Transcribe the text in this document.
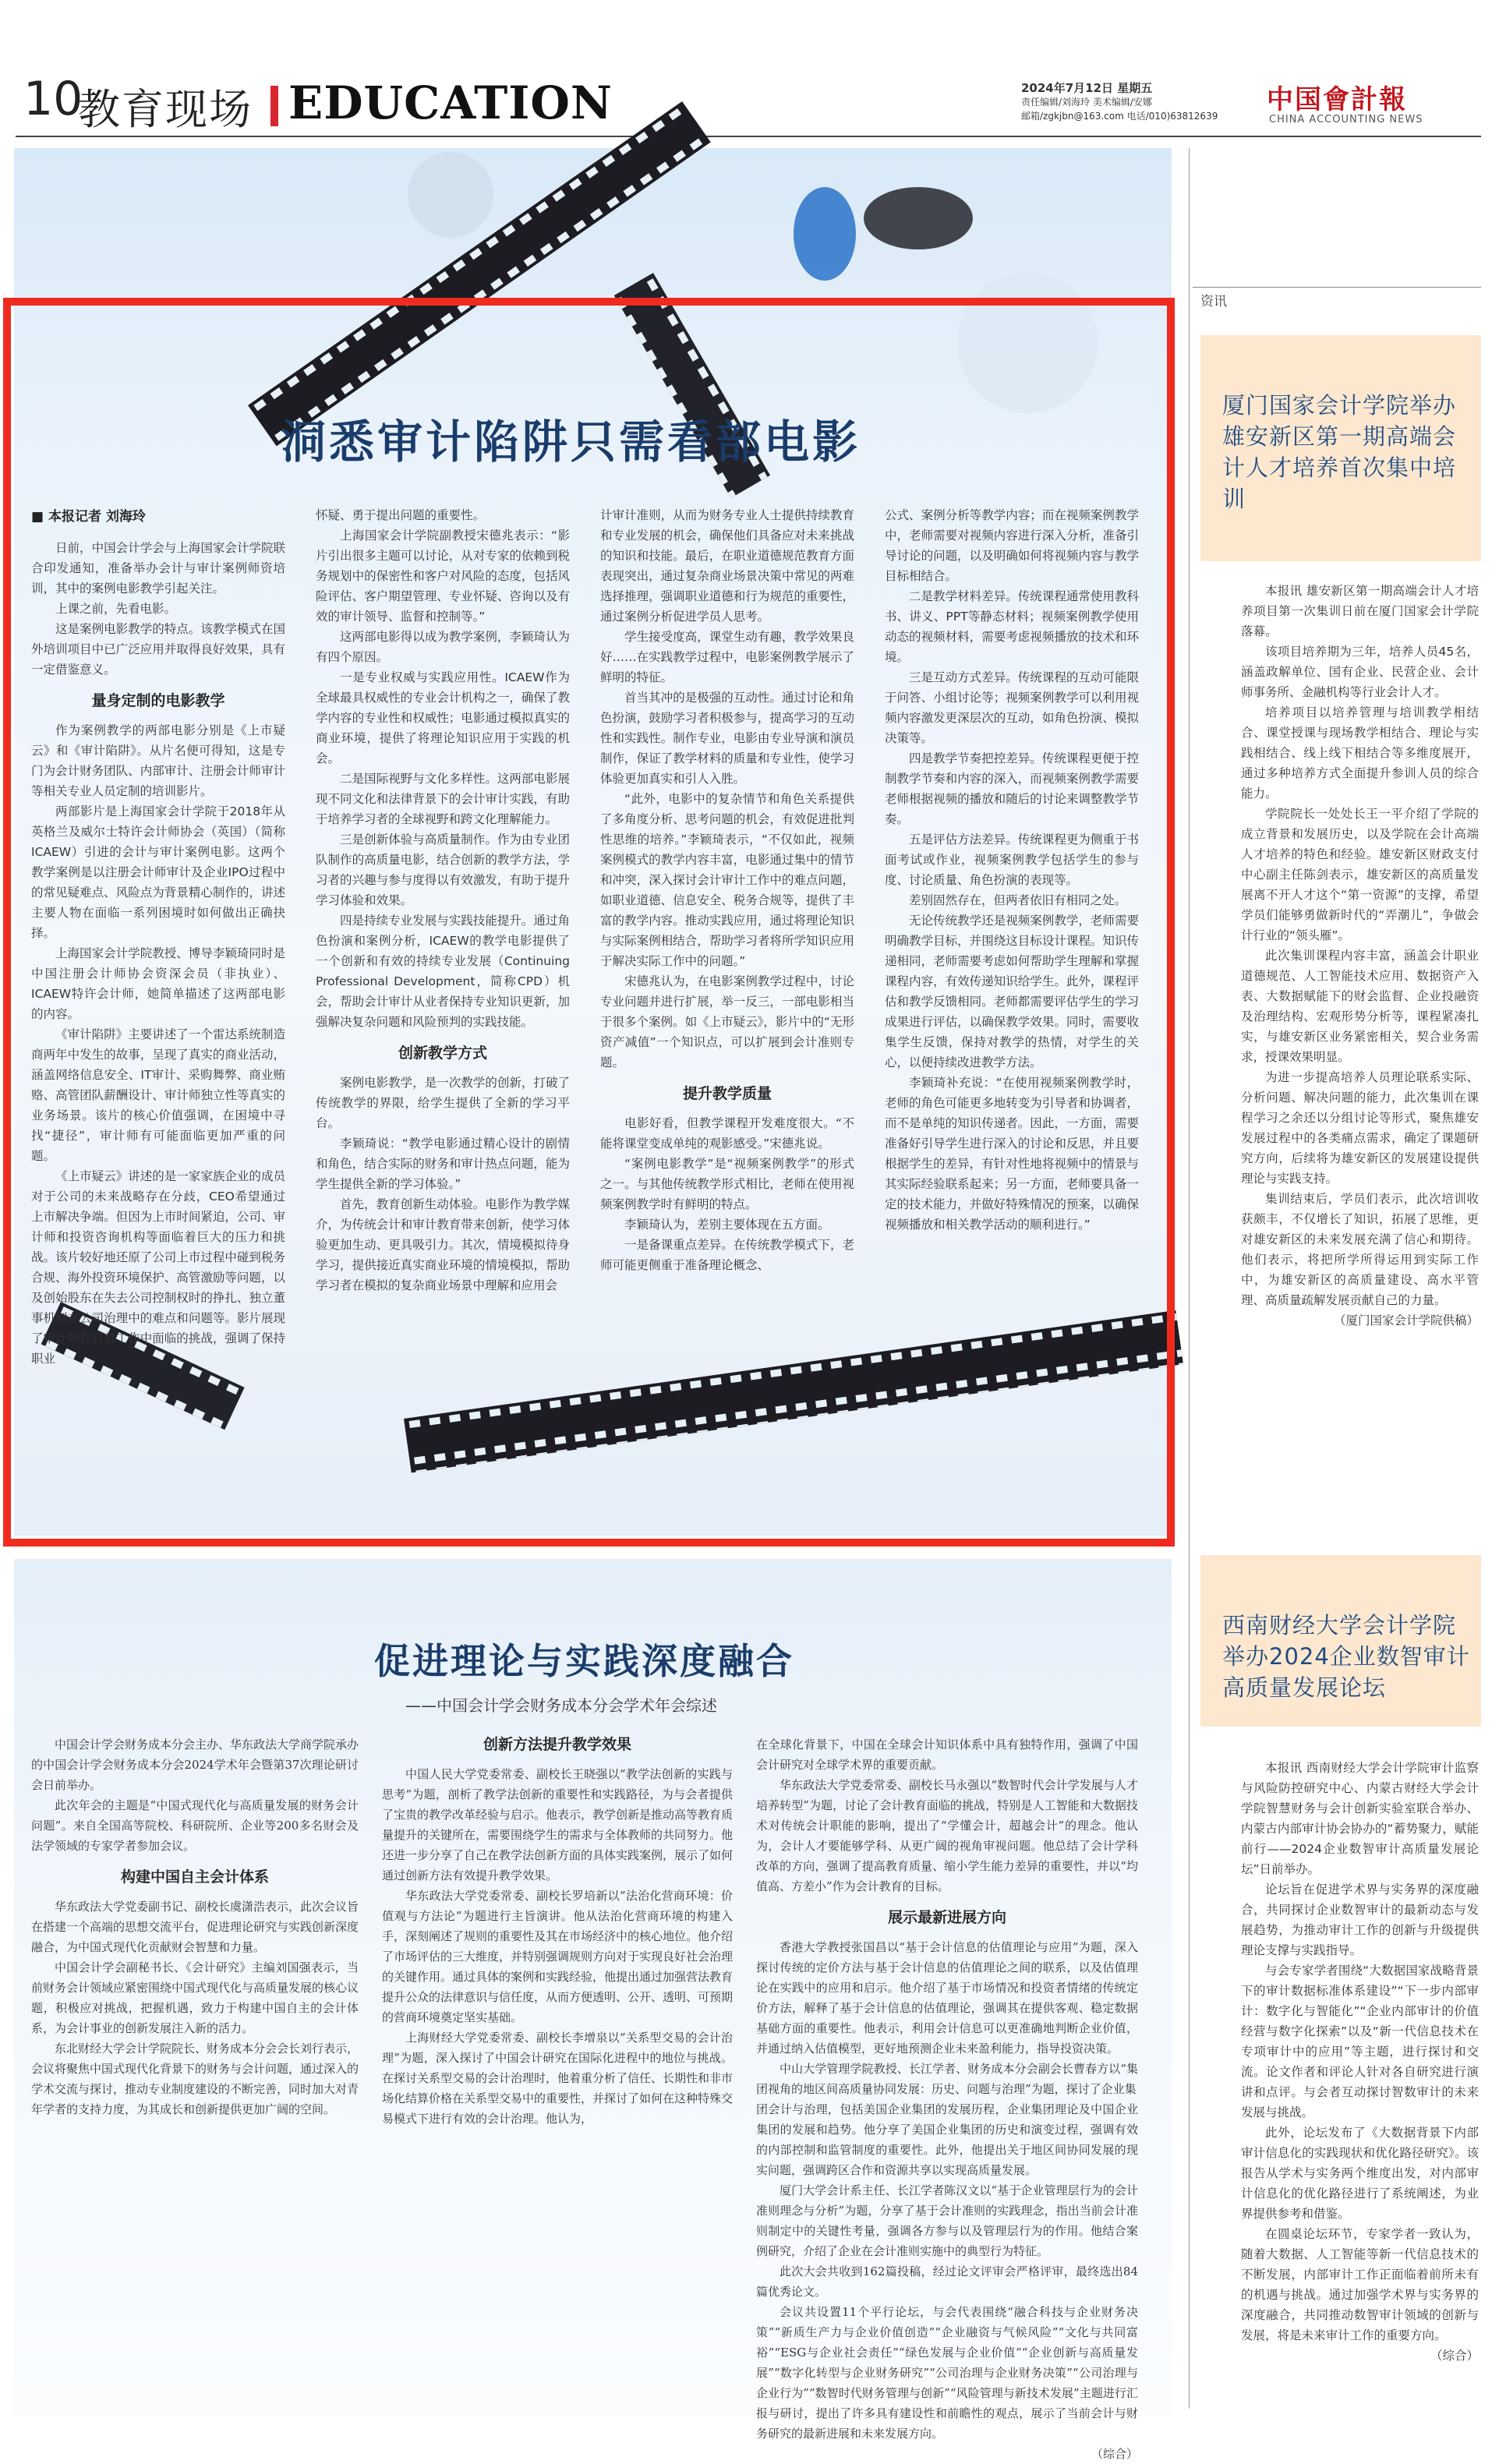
10
教育现场 EDUCATION	2024年7月12日 星期五
责任编辑/刘海玲 美术编辑/安娜
邮箱/zgkjbn@163.com 电话/010)63812639
中国會計報
CHINA ACCOUNTING NEWS
洞悉审计陷阱只需看部电影
■ 本报记者 刘海玲

日前，中国会计学会与上海国家会计学院联合印发通知，准备举办会计与审计案例师资培训，其中的案例电影教学引起关注。

上课之前，先看电影。

这是案例电影教学的特点。该教学模式在国外培训项目中已广泛应用并取得良好效果，具有一定借鉴意义。

量身定制的电影教学

作为案例教学的两部电影分别是《上市疑云》和《审计陷阱》。从片名便可得知，这是专门为会计财务团队、内部审计、注册会计师审计等相关专业人员定制的培训影片。

两部影片是上海国家会计学院于2018年从英格兰及威尔士特许会计师协会（英国）（简称ICAEW）引进的会计与审计案例电影。这两个教学案例是以注册会计师审计及企业IPO过程中的常见疑难点、风险点为背景精心制作的，讲述主要人物在面临一系列困境时如何做出正确抉择。

上海国家会计学院教授、博导李颖琦同时是中国注册会计师协会资深会员（非执业）、ICAEW特许会计师，她简单描述了这两部电影的内容。

《审计陷阱》主要讲述了一个雷达系统制造商两年中发生的故事，呈现了真实的商业活动，涵盖网络信息安全、IT审计、采购舞弊、商业贿赂、高管团队薪酬设计、审计师独立性等真实的业务场景。该片的核心价值强调，在困境中寻找“捷径”，审计师有可能面临更加严重的问题。

《上市疑云》讲述的是一家家族企业的成员对于公司的未来战略存在分歧，CEO希望通过上市解决争端。但因为上市时间紧迫，公司、审计师和投资咨询机构等面临着巨大的压力和挑战。该片较好地还原了公司上市过程中碰到税务合规、海外投资环境保护、高管激励等问题，以及创始股东在失去公司控制权时的挣扎、独立董事机制在公司治理中的难点和问题等。影片展现了审计师在日常工作中面临的挑战，强调了保持职业

怀疑、勇于提出问题的重要性。

上海国家会计学院副教授宋德兆表示：“影片引出很多主题可以讨论，从对专家的依赖到税务规划中的保密性和客户对风险的态度，包括风险评估、客户期望管理、专业怀疑、咨询以及有效的审计领导、监督和控制等。”

这两部电影得以成为教学案例，李颖琦认为有四个原因。

一是专业权威与实践应用性。ICAEW作为全球最具权威性的专业会计机构之一，确保了教学内容的专业性和权威性；电影通过模拟真实的商业环境，提供了将理论知识应用于实践的机会。

二是国际视野与文化多样性。这两部电影展现不同文化和法律背景下的会计审计实践，有助于培养学习者的全球视野和跨文化理解能力。

三是创新体验与高质量制作。作为由专业团队制作的高质量电影，结合创新的教学方法，学习者的兴趣与参与度得以有效激发，有助于提升学习体验和效果。

四是持续专业发展与实践技能提升。通过角色扮演和案例分析，ICAEW的教学电影提供了一个创新和有效的持续专业发展（Continuing Professional Development，简称CPD）机会，帮助会计审计从业者保持专业知识更新，加强解决复杂问题和风险预判的实践技能。

创新教学方式

案例电影教学，是一次教学的创新，打破了传统教学的界限，给学生提供了全新的学习平台。

李颖琦说：“教学电影通过精心设计的剧情和角色，结合实际的财务和审计热点问题，能为学生提供全新的学习体验。”

首先，教育创新生动体验。电影作为教学媒介，为传统会计和审计教育带来创新，使学习体验更加生动、更具吸引力。其次，情境模拟待身学习，提供接近真实商业环境的情境模拟，帮助学习者在模拟的复杂商业场景中理解和应用会

计审计准则，从而为财务专业人士提供持续教育和专业发展的机会，确保他们具备应对未来挑战的知识和技能。最后，在职业道德规范教育方面表现突出，通过复杂商业场景决策中常见的两难选择推理，强调职业道德和行为规范的重要性，通过案例分析促进学员人思考。

学生接受度高，课堂生动有趣，教学效果良好……在实践教学过程中，电影案例教学展示了鲜明的特征。

首当其冲的是极强的互动性。通过讨论和角色扮演，鼓励学习者积极参与，提高学习的互动性和实践性。制作专业，电影由专业导演和演员制作，保证了教学材料的质量和专业性，使学习体验更加真实和引人入胜。

“此外，电影中的复杂情节和角色关系提供了多角度分析、思考问题的机会，有效促进批判性思维的培养。”李颖琦表示，“不仅如此，视频案例模式的教学内容丰富，电影通过集中的情节和冲突，深入探讨会计审计工作中的难点问题，如职业道德、信息安全、税务合规等，提供了丰富的教学内容。推动实践应用，通过将理论知识与实际案例相结合，帮助学习者将所学知识应用于解决实际工作中的问题。”

宋德兆认为，在电影案例教学过程中，讨论专业问题并进行扩展，举一反三，一部电影相当于很多个案例。如《上市疑云》，影片中的“无形资产减值”一个知识点，可以扩展到会计准则专题。

提升教学质量

电影好看，但教学课程开发难度很大。“不能将课堂变成单纯的观影感受。”宋德兆说。

“案例电影教学”是“视频案例教学”的形式之一。与其他传统教学形式相比，老师在使用视频案例教学时有鲜明的特点。

李颖琦认为，差别主要体现在五方面。

一是备课重点差异。在传统教学模式下，老师可能更侧重于准备理论概念、

公式、案例分析等教学内容；而在视频案例教学中，老师需要对视频内容进行深入分析，准备引导讨论的问题，以及明确如何将视频内容与教学目标相结合。

二是教学材料差异。传统课程通常使用教科书、讲义、PPT等静态材料；视频案例教学使用动态的视频材料，需要考虑视频播放的技术和环境。

三是互动方式差异。传统课程的互动可能限于问答、小组讨论等；视频案例教学可以利用视频内容激发更深层次的互动，如角色扮演、模拟决策等。

四是教学节奏把控差异。传统课程更便于控制教学节奏和内容的深入，而视频案例教学需要老师根据视频的播放和随后的讨论来调整教学节奏。

五是评估方法差异。传统课程更为侧重于书面考试或作业，视频案例教学包括学生的参与度、讨论质量、角色扮演的表现等。

差别固然存在，但两者依旧有相同之处。

无论传统教学还是视频案例教学，老师需要明确教学目标，并围绕这目标设计课程。知识传递相同，老师需要考虑如何帮助学生理解和掌握课程内容，有效传递知识给学生。此外，课程评估和教学反馈相同。老师都需要评估学生的学习成果进行评估，以确保教学效果。同时，需要收集学生反馈，保持对教学的热情，对学生的关心，以便持续改进教学方法。

李颖琦补充说：“在使用视频案例教学时，老师的角色可能更多地转变为引导者和协调者，而不是单纯的知识传递者。因此，一方面，需要准备好引导学生进行深入的讨论和反思，并且要根据学生的差异，有针对性地将视频中的情景与其实际经验联系起来；另一方面，老师要具备一定的技术能力，并做好特殊情况的预案，以确保视频播放和相关教学活动的顺利进行。”

促进理论与实践深度融合
——中国会计学会财务成本分会学术年会综述

中国会计学会财务成本分会主办、华东政法大学商学院承办的中国会计学会财务成本分会2024学术年会暨第37次理论研讨会日前举办。

此次年会的主题是“中国式现代化与高质量发展的财务会计问题”。来自全国高等院校、科研院所、企业等200多名财会及法学领域的专家学者参加会议。

构建中国自主会计体系

华东政法大学党委副书记、副校长虞潇浩表示，此次会议旨在搭建一个高端的思想交流平台，促进理论研究与实践创新深度融合，为中国式现代化贡献财会智慧和力量。

中国会计学会副秘书长、《会计研究》主编刘国强表示，当前财务会计领域应紧密围绕中国式现代化与高质量发展的核心议题，积极应对挑战，把握机遇，致力于构建中国自主的会计体系，为会计事业的创新发展注入新的活力。

东北财经大学会计学院院长、财务成本分会会长刘行表示，会议将聚焦中国式现代化背景下的财务与会计问题，通过深入的学术交流与探讨，推动专业制度建设的不断完善，同时加大对青年学者的支持力度，为其成长和创新提供更加广阔的空间。

创新方法提升教学效果

中国人民大学党委常委、副校长王晓强以“教学法创新的实践与思考”为题，剖析了教学法创新的重要性和实践路径，为与会者提供了宝贵的教学改革经验与启示。他表示，教学创新是推动高等教育质量提升的关键所在，需要围绕学生的需求与全体教师的共同努力。他还进一步分享了自己在教学法创新方面的具体实践案例，展示了如何通过创新方法有效提升教学效果。

华东政法大学党委常委、副校长罗培新以“法治化营商环境：价值观与方法论”为题进行主旨演讲。他从法治化营商环境的构建入手，深刻阐述了规则的重要性及其在市场经济中的核心地位。他介绍了市场评估的三大维度，并特别强调规则方向对于实现良好社会治理的关键作用。通过具体的案例和实践经验，他提出通过加强营法教育提升公众的法律意识与信任度，从而方便透明、公开、透明、可预期的营商环境奠定坚实基础。

上海财经大学党委常委、副校长李增泉以“关系型交易的会计治理”为题，深入探讨了中国会计研究在国际化进程中的地位与挑战。在探讨关系型交易的会计治理时，他着重分析了信任、长期性和非市场化结算价格在关系型交易中的重要性，并探讨了如何在这种特殊交易模式下进行有效的会计治理。他认为，

在全球化背景下，中国在全球会计知识体系中具有独特作用，强调了中国会计研究对全球学术界的重要贡献。

华东政法大学党委常委、副校长马永强以“数智时代会计学发展与人才培养转型”为题，讨论了会计教育面临的挑战，特别是人工智能和大数据技术对传统会计职能的影响，提出了“学懂会计，超越会计”的理念。他认为，会计人才要能够学科、从更广阔的视角审视问题。他总结了会计学科改革的方向，强调了提高教育质量、缩小学生能力差异的重要性，并以“均值高、方差小”作为会计教育的目标。

展示最新进展方向

香港大学教授张国昌以“基于会计信息的估值理论与应用”为题，深入探讨传统的定价方法与基于会计信息的估值理论之间的联系，以及估值理论在实践中的应用和启示。他介绍了基于市场情况和投资者情绪的传统定价方法，解释了基于会计信息的估值理论，强调其在提供客观、稳定数据基础方面的重要性。他表示，利用会计信息可以更准确地判断企业价值，并通过纳入估值模型，更好地预测企业未来盈利能力，指导投资决策。

中山大学管理学院教授、长江学者、财务成本分会副会长曹春方以“集团视角的地区间高质量协同发展：历史、问题与治理”为题，探讨了企业集

团会计与治理，包括美国企业集团的发展历程，企业集团理论及中国企业集团的发展和趋势。他分享了美国企业集团的历史和演变过程，强调有效的内部控制和监管制度的重要性。此外，他提出关于地区间协同发展的现实问题，强调跨区合作和资源共享以实现高质量发展。

厦门大学会计系主任、长江学者陈汉文以“基于企业管理层行为的会计准则理念与分析”为题，分享了基于会计准则的实践理念，指出当前会计准则制定中的关键性考量，强调各方参与以及管理层行为的作用。他结合案例研究，介绍了企业在会计准则实施中的典型行为特征。

此次大会共收到162篇投稿，经过论文评审会严格评审，最终选出84篇优秀论文。

会议共设置11个平行论坛，与会代表围绕“融合科技与企业财务决策”“新质生产力与企业价值创造”“企业融资与气候风险”“文化与共同富裕”“ESG与企业社会责任”“绿色发展与企业价值”“企业创新与高质量发展”“数字化转型与企业财务研究”“公司治理与企业财务决策”“公司治理与企业行为”“数智时代财务管理与创新”“风险管理与新技术发展”主题进行汇报与研讨，提出了许多具有建设性和前瞻性的观点，展示了当前会计与财务研究的最新进展和未来发展方向。

（综合）

资讯
厦门国家会计学院举办雄安新区第一期高端会计人才培养首次集中培训

本报讯 雄安新区第一期高端会计人才培养项目第一次集训日前在厦门国家会计学院落幕。

该项目培养期为三年，培养人员45名，涵盖政解单位、国有企业、民营企业、会计师事务所、金融机构等行业会计人才。

培养项目以培养管理与培训教学相结合、课堂授课与现场教学相结合、理论与实践相结合、线上线下相结合等多维度展开，通过多种培养方式全面提升参训人员的综合能力。

学院院长一处处长王一平介绍了学院的成立背景和发展历史，以及学院在会计高端人才培养的特色和经验。雄安新区财政支付中心副主任陈剑表示，雄安新区的高质量发展离不开人才这个“第一资源”的支撑，希望学员们能够勇做新时代的“弄潮儿”，争做会计行业的“领头雁”。

此次集训课程内容丰富，涵盖会计职业道德规范、人工智能技术应用、数据资产入表、大数据赋能下的财会监督、企业投融资及治理结构、宏观形势分析等，课程紧凑扎实，与雄安新区业务紧密相关，契合业务需求，授课效果明显。

为进一步提高培养人员理论联系实际、分析问题、解决问题的能力，此次集训在课程学习之余还以分组讨论等形式，聚焦雄安发展过程中的各类痛点需求，确定了课题研究方向，后续将为雄安新区的发展建设提供理论与实践支持。

集训结束后，学员们表示，此次培训收获颇丰，不仅增长了知识，拓展了思维，更对雄安新区的未来发展充满了信心和期待。他们表示，将把所学所得运用到实际工作中，为雄安新区的高质量建设、高水平管理、高质量疏解发展贡献自己的力量。

（厦门国家会计学院供稿）

西南财经大学会计学院举办2024企业数智审计高质量发展论坛

本报讯 西南财经大学会计学院审计监察与风险防控研究中心、内蒙古财经大学会计学院智慧财务与会计创新实验室联合举办、内蒙古内部审计协会协办的“蓄势聚力，赋能前行——2024企业数智审计高质量发展论坛”日前举办。

论坛旨在促进学术界与实务界的深度融合，共同探讨企业数智审计的最新动态与发展趋势，为推动审计工作的创新与升级提供理论支撑与实践指导。

与会专家学者围绕“大数据国家战略背景下的审计数据标准体系建设”“下一步内部审计：数字化与智能化”“企业内部审计的价值经营与数字化探索”以及“新一代信息技术在专项审计中的应用”等主题，进行探讨和交流。论文作者和评论人针对各自研究进行演讲和点评。与会者互动探讨智数审计的未来发展与挑战。

此外，论坛发布了《大数据背景下内部审计信息化的实践现状和优化路径研究》。该报告从学术与实务两个维度出发，对内部审计信息化的优化路径进行了系统阐述，为业界提供参考和借鉴。

在圆桌论坛环节，专家学者一致认为，随着大数据、人工智能等新一代信息技术的不断发展，内部审计工作正面临着前所未有的机遇与挑战。通过加强学术界与实务界的深度融合，共同推动数智审计领域的创新与发展，将是未来审计工作的重要方向。

（综合）
